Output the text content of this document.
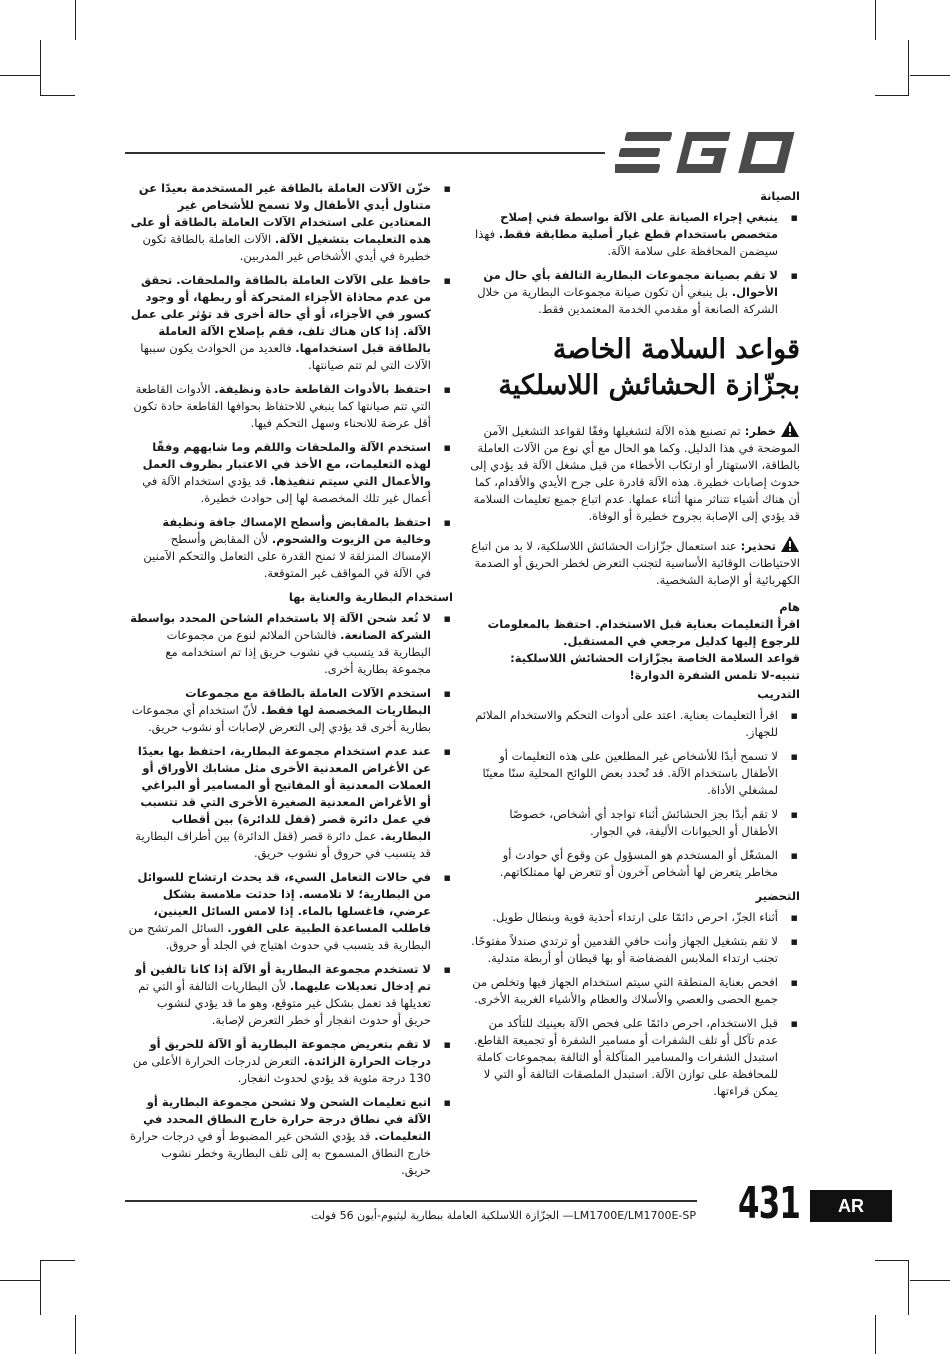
الصيانة
▪ ينبغي إجراء الصيانة على الآلة بواسطة فني إصلاح متخصص باستخدام قطع غيار أصلية مطابقة فقط. فهذا سيضمن المحافظة على سلامة الآلة.
▪ لا تقم بصيانة مجموعات البطارية التالفة بأي حال من الأحوال. بل ينبغي أن تكون صيانة مجموعات البطارية من خلال الشركة الصانعة أو مقدمي الخدمة المعتمدين فقط.
قواعد السلامة الخاصة بجزّازة الحشائش اللاسلكية

خطر: تم تصنيع هذه الآلة لتشغيلها وفقًا لقواعد التشغيل الآمن الموضحة في هذا الدليل. وكما هو الحال مع أي نوع من الآلات العاملة بالطاقة، الاستهتار أو ارتكاب الأخطاء من قبل مشغل الآلة قد يؤدي إلى حدوث إصابات خطيرة. هذه الآلة قادرة على جرح الأيدي والأقدام، كما أن هناك أشياء تتناثر منها أثناء عملها. عدم اتباع جميع تعليمات السلامة قد يؤدي إلى الإصابة بجروح خطيرة أو الوفاة.

تحذير: عند استعمال جزّازات الحشائش اللاسلكية، لا بد من اتباع الاحتياطات الوقائية الأساسية لتجنب التعرض لخطر الحريق أو الصدمة الكهربائية أو الإصابة الشخصية.

هام
اقرأ التعليمات بعناية قبل الاستخدام. احتفظ بالمعلومات للرجوع إليها كدليل مرجعي في المستقبل.
قواعد السلامة الخاصة بجزّازات الحشائش اللاسلكية:
تنبيه-لا تلمس الشفرة الدوارة!
التدريب
▪ اقرأ التعليمات بعناية. اعتد على أدوات التحكم والاستخدام الملائم للجهاز.
▪ لا تسمح أبدًا للأشخاص غير المطلعين على هذه التعليمات أو الأطفال باستخدام الآلة. قد تُحدد بعض اللوائح المحلية سنًا معينًا لمشغلي الأداة.
▪ لا تقم أبدًا بجز الحشائش أثناء تواجد أي أشخاص، خصوصًا الأطفال أو الحيوانات الأليفة، في الجوار.
▪ المشغّل أو المستخدم هو المسؤول عن وقوع أي حوادث أو مخاطر يتعرض لها أشخاص آخرون أو تتعرض لها ممتلكاتهم.
التحضير
▪ أثناء الجزّ، احرص دائمًا على ارتداء أحذية قوية وبنطال طويل.
▪ لا تقم بتشغيل الجهاز وأنت حافي القدمين أو ترتدي صندلاً مفتوحًا. تجنب ارتداء الملابس الفضفاضة أو بها قيطان أو أربطة متدلية.
▪ افحص بعناية المنطقة التي سيتم استخدام الجهاز فيها وتخلص من جميع الحصى والعصي والأسلاك والعظام والأشياء الغريبة الأخرى.
▪ قبل الاستخدام، احرص دائمًا على فحص الآلة بعينيك للتأكد من عدم تآكل أو تلف الشفرات أو مسامير الشفرة أو تجميعة القاطع. استبدل الشفرات والمسامير المتآكلة أو التالفة بمجموعات كاملة للمحافظة على توازن الآلة. استبدل الملصقات التالفة أو التي لا يمكن قراءتها.
▪ خزّن الآلات العاملة بالطاقة غير المستخدمة بعيدًا عن متناول أيدي الأطفال ولا تسمح للأشخاص غير المعتادين على استخدام الآلات العاملة بالطاقة أو على هذه التعليمات بتشغيل الآلة. الآلات العاملة بالطاقة تكون خطيرة في أيدي الأشخاص غير المدربين.
▪ حافظ على الآلات العاملة بالطاقة والملحقات. تحقق من عدم محاذاة الأجزاء المتحركة أو ربطها، أو وجود كسور في الأجزاء، أو أي حالة أخرى قد تؤثر على عمل الآلة. إذا كان هناك تلف، فقم بإصلاح الآلة العاملة بالطاقة قبل استخدامها. فالعديد من الحوادث يكون سببها الآلات التي لم تتم صيانتها.
▪ احتفظ بالأدوات القاطعة حادة ونظيفة. الأدوات القاطعة التي تتم صيانتها كما ينبغي للاحتفاظ بحوافها القاطعة حادة تكون أقل عرضة للانحناء وسهل التحكم فيها.
▪ استخدم الآلة والملحقات واللقم وما شابههم وفقًا لهذه التعليمات، مع الأخذ في الاعتبار بظروف العمل والأعمال التي سيتم تنفيذها. قد يؤدي استخدام الآلة في أعمال غير تلك المخصصة لها إلى حوادث خطيرة.
▪ احتفظ بالمقابض وأسطح الإمساك جافة ونظيفة وخالية من الزيوت والشحوم. لأن المقابض وأسطح الإمساك المنزلقة لا تمنح القدرة على التعامل والتحكم الآمنين في الآلة في المواقف غير المتوقعة.
استخدام البطارية والعناية بها
▪ لا تُعد شحن الآلة إلا باستخدام الشاحن المحدد بواسطة الشركة الصانعة. فالشاحن الملائم لنوع من مجموعات البطارية قد يتسبب في نشوب حريق إذا تم استخدامه مع مجموعة بطارية أخرى.
▪ استخدم الآلات العاملة بالطاقة مع مجموعات البطاريات المخصصة لها فقط. لأنّ استخدام أي مجموعات بطارية أخرى قد يؤدي إلى التعرض لإصابات أو نشوب حريق.
▪ عند عدم استخدام مجموعة البطارية، احتفظ بها بعيدًا عن الأغراض المعدنية الأخرى مثل مشابك الأوراق أو العملات المعدنية أو المفاتيح أو المسامير أو البراغي أو الأغراض المعدنية الصغيرة الأخرى التي قد تتسبب في عمل دائرة قصر (قفل للدائرة) بين أقطاب البطارية. عمل دائرة قصر (قفل الدائرة) بين أطراف البطارية قد يتسبب في حروق أو نشوب حريق.
▪ في حالات التعامل السيء، قد يحدث ارتشاح للسوائل من البطارية؛ لا تلامسه. إذا حدثت ملامسة بشكل عرضي، فاغسلها بالماء. إذا لامس السائل العينين، فاطلب المساعدة الطبية على الفور. السائل المرتشح من البطارية قد يتسبب في حدوث اهتياج في الجلد أو حروق.
▪ لا تستخدم مجموعة البطارية أو الآلة إذا كانا تالفين أو تم إدخال تعديلات عليهما. لأن البطاريات التالفة أو التي تم تعديلها قد تعمل بشكل غير متوقع، وهو ما قد يؤدي لنشوب حريق أو حدوث انفجار أو خطر التعرض لإصابة.
▪ لا تقم بتعريض مجموعة البطارية أو الآلة للحريق أو درجات الحرارة الزائدة. التعرض لدرجات الحرارة الأعلى من 130 درجة مئوية قد يؤدي لحدوث انفجار.
▪ اتبع تعليمات الشحن ولا تشحن مجموعة البطارية أو الآلة في نطاق درجة حرارة خارج النطاق المحدد في التعليمات. قد يؤدي الشحن غير المضبوط أو في درجات حرارة خارج النطاق المسموح به إلى تلف البطارية وخطر نشوب حريق.
LM1700E/LM1700E-SP— الجزّازة اللاسلكية العاملة ببطارية ليثيوم-أيون 56 فولت 431	AR
